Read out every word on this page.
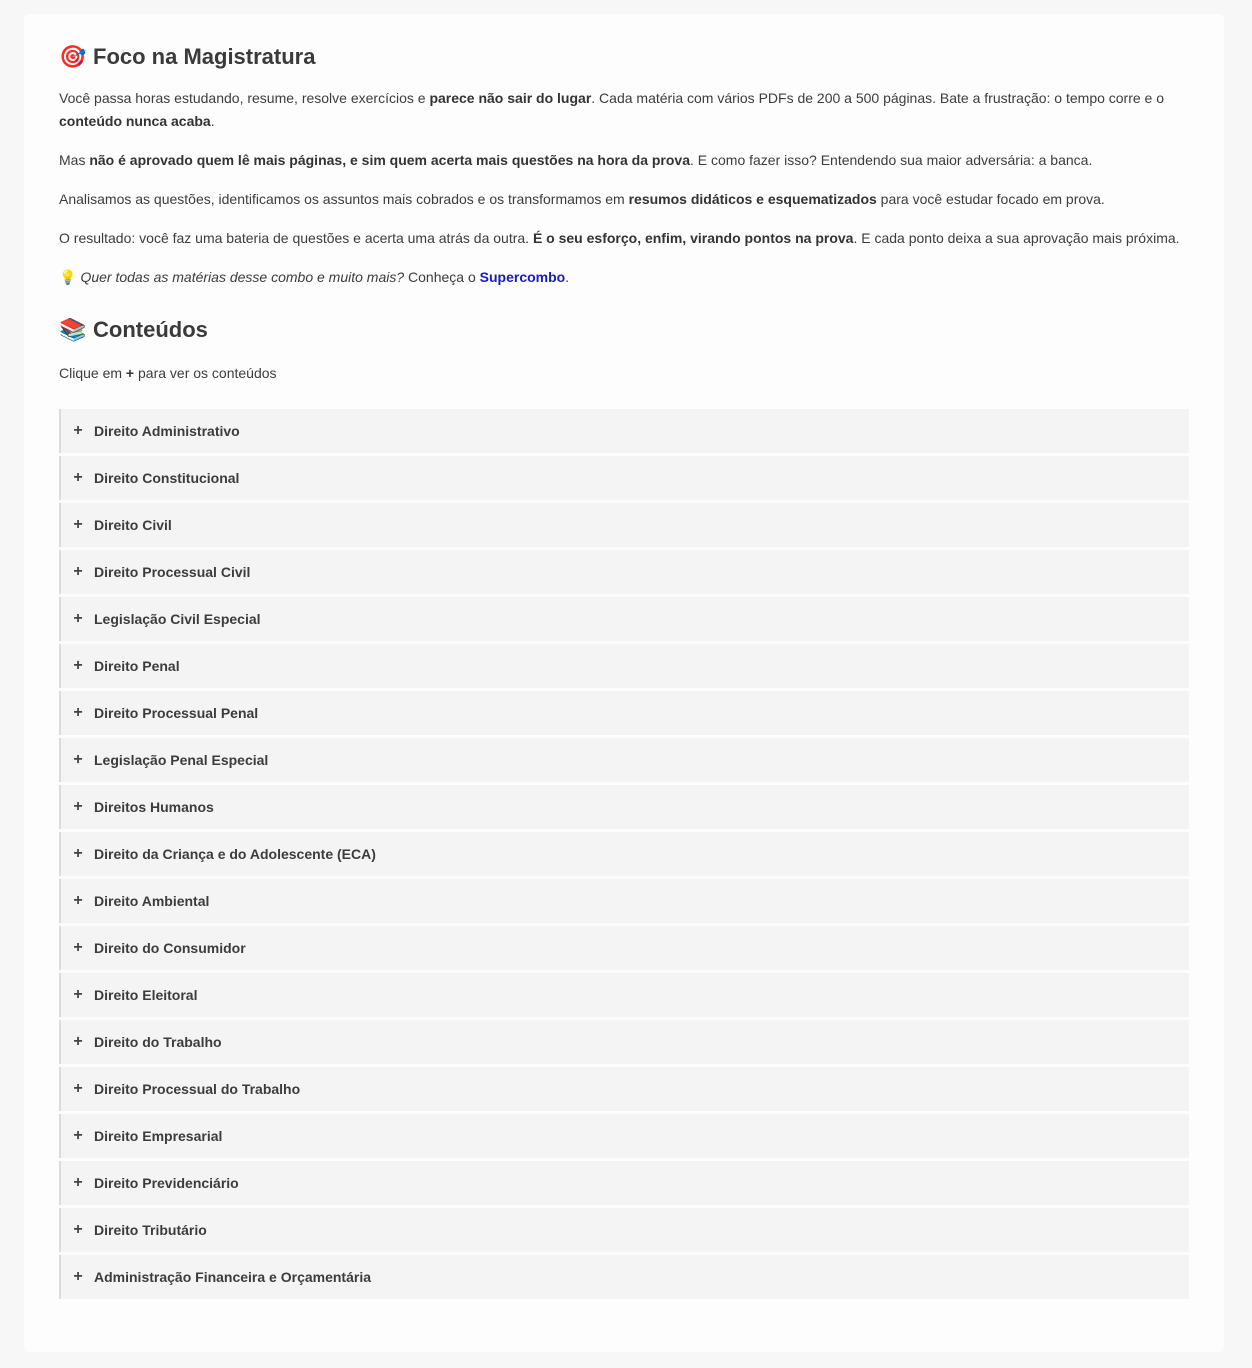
🎯 Foco na Magistratura

Você passa horas estudando, resume, resolve exercícios e parece não sair do lugar. Cada matéria com vários PDFs de 200 a 500 páginas. Bate a frustração: o tempo corre e o conteúdo nunca acaba.

Mas não é aprovado quem lê mais páginas, e sim quem acerta mais questões na hora da prova. E como fazer isso? Entendendo sua maior adversária: a banca.

Analisamos as questões, identificamos os assuntos mais cobrados e os transformamos em resumos didáticos e esquematizados para você estudar focado em prova.

O resultado: você faz uma bateria de questões e acerta uma atrás da outra. É o seu esforço, enfim, virando pontos na prova. E cada ponto deixa a sua aprovação mais próxima.

💡 Quer todas as matérias desse combo e muito mais? Conheça o Supercombo.

📚 Conteúdos

Clique em + para ver os conteúdos

+ Direito Administrativo
+ Direito Constitucional
+ Direito Civil
+ Direito Processual Civil
+ Legislação Civil Especial
+ Direito Penal
+ Direito Processual Penal
+ Legislação Penal Especial
+ Direitos Humanos
+ Direito da Criança e do Adolescente (ECA)
+ Direito Ambiental
+ Direito do Consumidor
+ Direito Eleitoral
+ Direito do Trabalho
+ Direito Processual do Trabalho
+ Direito Empresarial
+ Direito Previdenciário
+ Direito Tributário
+ Administração Financeira e Orçamentária
